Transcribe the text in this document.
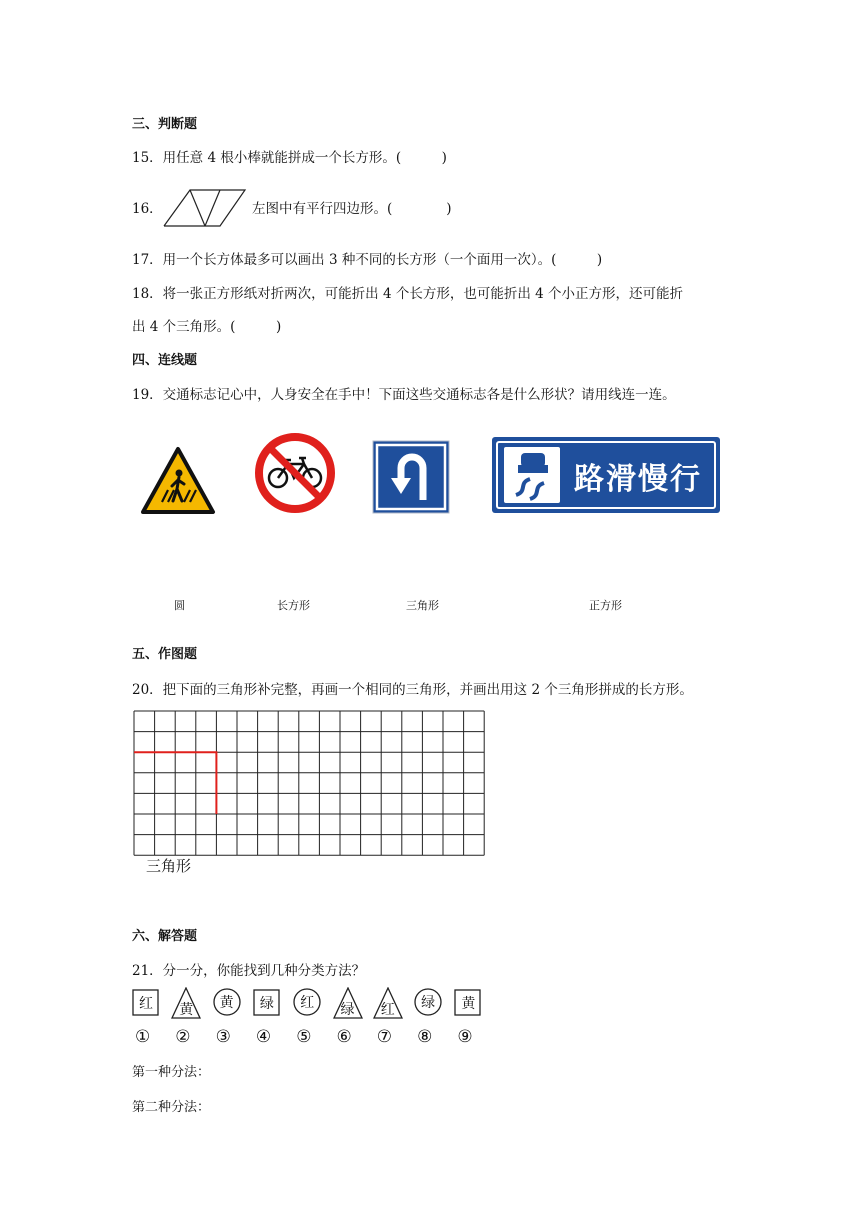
三、判断题
15．用任意 4 根小棒就能拼成一个长方形。(　　　)
16．	左图中有平行四边形。(　　　　)
17．用一个长方体最多可以画出 3 种不同的长方形（一个面用一次）。(　　　)
18．将一张正方形纸对折两次，可能折出 4 个长方形，也可能折出 4 个小正方形，还可能折
出 4 个三角形。(　　　)
四、连线题
19．交通标志记心中，人身安全在手中！下面这些交通标志各是什么形状？请用线连一连。
路滑慢行
圆	长方形	三角形	正方形
五、作图题
20．把下面的三角形补完整，再画一个相同的三角形，并画出用这 2 个三角形拼成的长方形。
三角形
六、解答题
21．分一分，你能找到几种分类方法？
红 黄 黄 绿 红 绿 红 绿 黄
① ② ③ ④ ⑤ ⑥ ⑦ ⑧ ⑨
第一种分法：
第二种分法：
